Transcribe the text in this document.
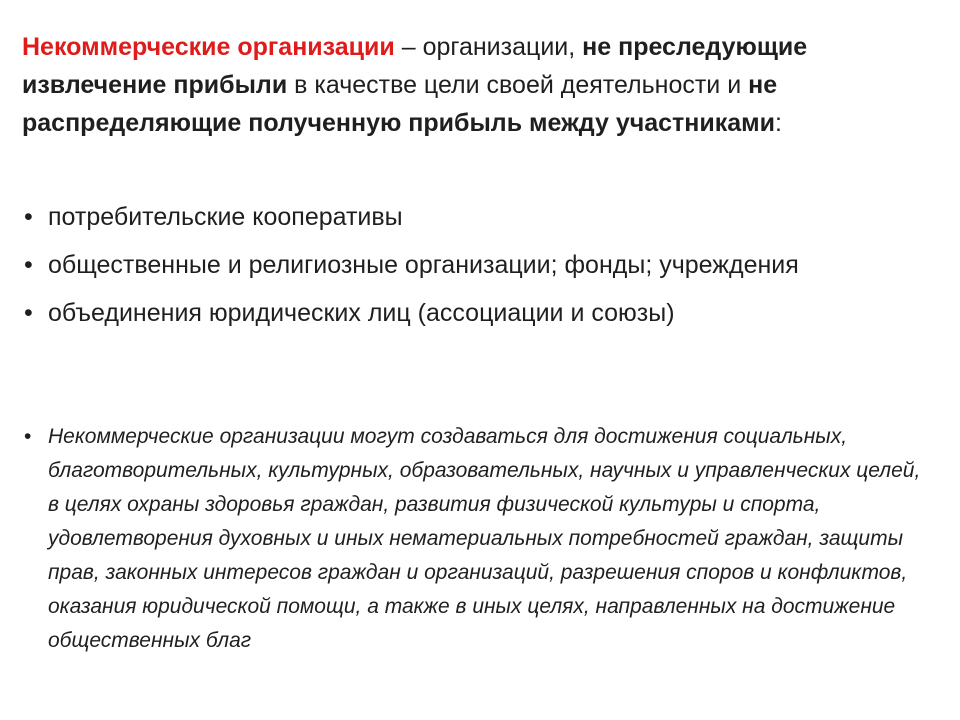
Некоммерческие организации – организации, не преследующие извлечение прибыли в качестве цели своей деятельности и не распределяющие полученную прибыль между участниками:

• потребительские кооперативы
• общественные и религиозные организации; фонды; учреждения
• объединения юридических лиц (ассоциации и союзы)
• Некоммерческие организации могут создаваться для достижения социальных, благотворительных, культурных, образовательных, научных и управленческих целей, в целях охраны здоровья граждан, развития физической культуры и спорта, удовлетворения духовных и иных нематериальных потребностей граждан, защиты прав, законных интересов граждан и организаций, разрешения споров и конфликтов, оказания юридической помощи, а также в иных целях, направленных на достижение общественных благ
